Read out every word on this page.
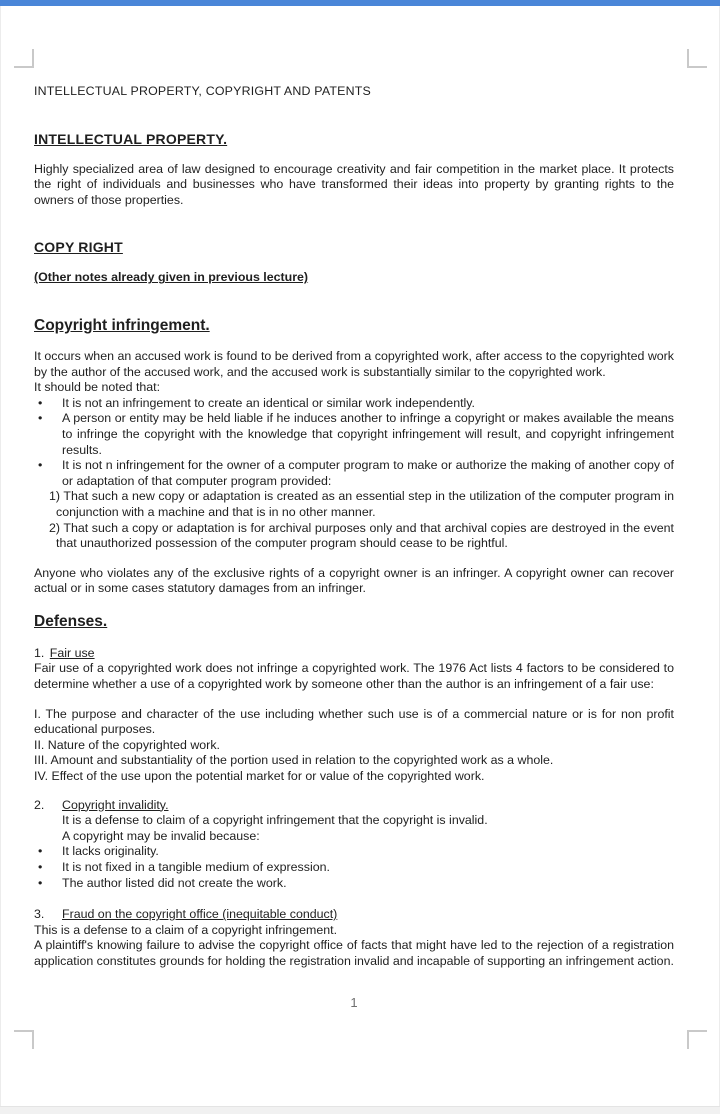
INTELLECTUAL PROPERTY, COPYRIGHT AND PATENTS
INTELLECTUAL PROPERTY.

Highly specialized area of law designed to encourage creativity and fair competition in the market place. It protects the right of individuals and businesses who have transformed their ideas into property by granting rights to the owners of those properties.

COPY RIGHT
(Other notes already given in previous lecture)
Copyright infringement.
It occurs when an accused work is found to be derived from a copyrighted work, after access to the copyrighted work by the author of the accused work, and the accused work is substantially similar to the copyrighted work.
It should be noted that:
• It is not an infringement to create an identical or similar work independently.
• A person or entity may be held liable if he induces another to infringe a copyright or makes available the means to infringe the copyright with the knowledge that copyright infringement will result, and copyright infringement results.
• It is not n infringement for the owner of a computer program to make or authorize the making of another copy of or adaptation of that computer program provided:
1) That such a new copy or adaptation is created as an essential step in the utilization of the computer program in conjunction with a machine and that is in no other manner.
2) That such a copy or adaptation is for archival purposes only and that archival copies are destroyed in the event that unauthorized possession of the computer program should cease to be rightful.

Anyone who violates any of the exclusive rights of a copyright owner is an infringer. A copyright owner can recover actual or in some cases statutory damages from an infringer.

Defenses.
1. Fair use
Fair use of a copyrighted work does not infringe a copyrighted work. The 1976 Act lists 4 factors to be considered to determine whether a use of a copyrighted work by someone other than the author is an infringement of a fair use:
I. The purpose and character of the use including whether such use is of a commercial nature or is for non profit educational purposes.
II. Nature of the copyrighted work.
III. Amount and substantiality of the portion used in relation to the copyrighted work as a whole.
IV. Effect of the use upon the potential market for or value of the copyrighted work.
2. Copyright invalidity.
It is a defense to claim of a copyright infringement that the copyright is invalid.
A copyright may be invalid because:
• It lacks originality.
• It is not fixed in a tangible medium of expression.
• The author listed did not create the work.
3. Fraud on the copyright office (inequitable conduct)
This is a defense to a claim of a copyright infringement.
A plaintiff's knowing failure to advise the copyright office of facts that might have led to the rejection of a registration application constitutes grounds for holding the registration invalid and incapable of supporting an infringement action.
1
